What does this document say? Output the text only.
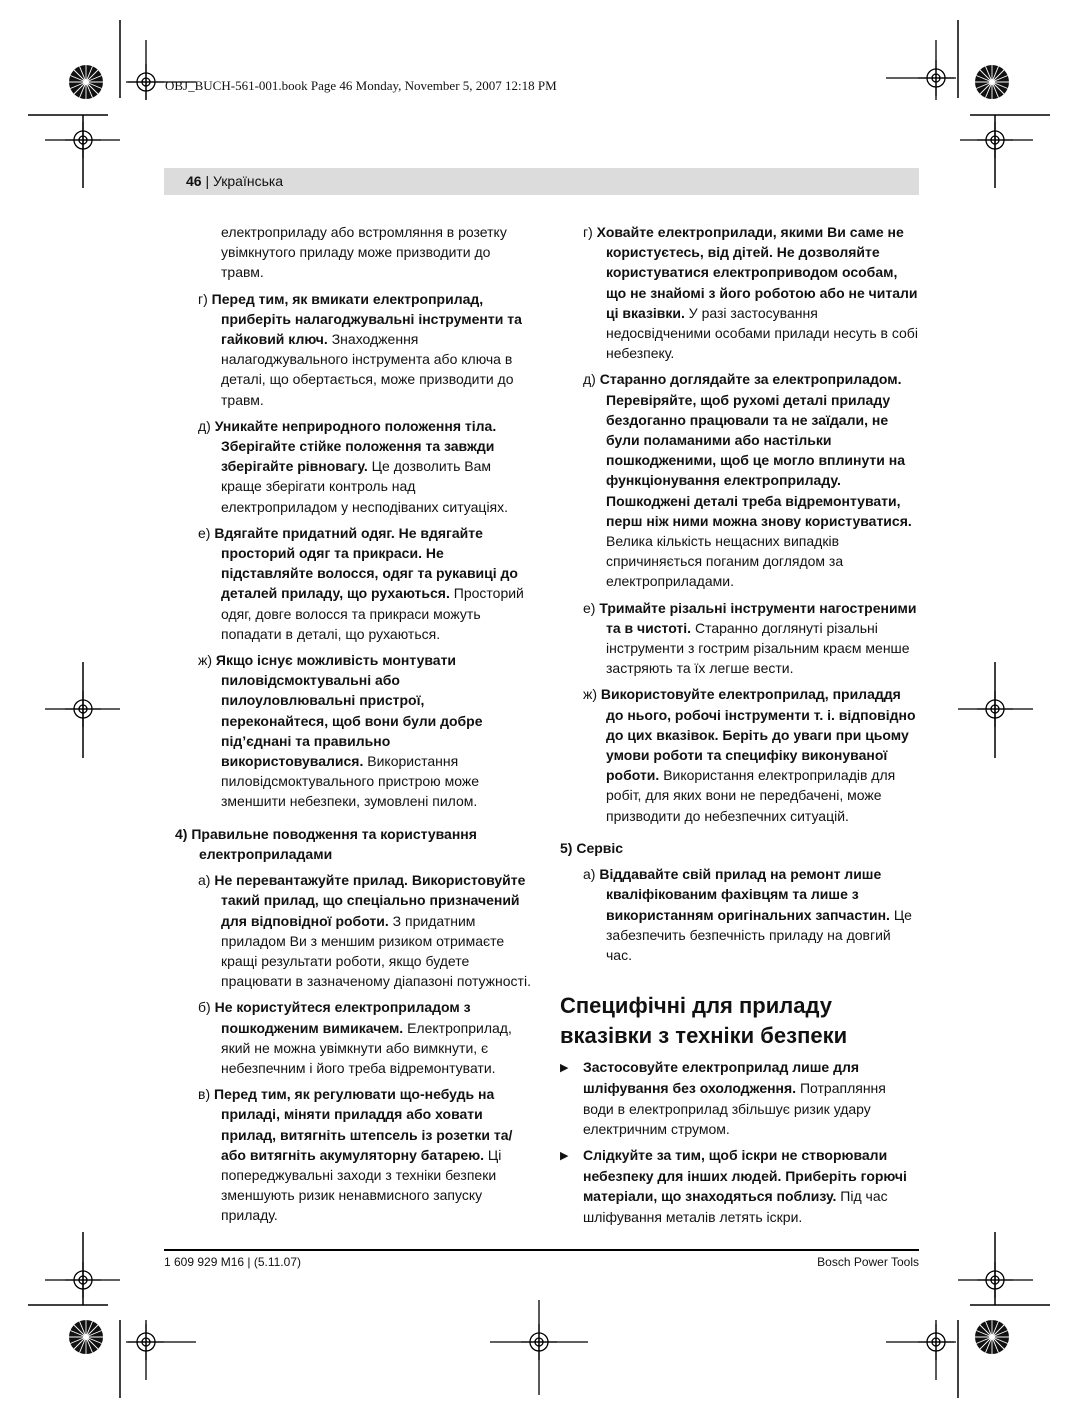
OBJ_BUCH-561-001.book Page 46 Monday, November 5, 2007 12:18 PM
46 | Українська
електроприладу або встромляння в розетку увімкнутого приладу може призводити до травм.
г) Перед тим, як вмикати електроприлад, приберіть налагоджувальні інструменти та гайковий ключ. Знаходження налагоджувального інструмента або ключа в деталі, що обертається, може призводити до травм.
д) Уникайте неприродного положення тіла. Зберігайте стійке положення та завжди зберігайте рівновагу. Це дозволить Вам краще зберігати контроль над електроприладом у несподіваних ситуаціях.
е) Вдягайте придатний одяг. Не вдягайте просторий одяг та прикраси. Не підставляйте волосся, одяг та рукавиці до деталей приладу, що рухаються. Просторий одяг, довге волосся та прикраси можуть попадати в деталі, що рухаються.
ж) Якщо існує можливість монтувати пиловідсмоктувальні або пилоуловлювальні пристрої, переконайтеся, щоб вони були добре під’єднані та правильно використовувалися. Використання пиловідсмоктувального пристрою може зменшити небезпеки, зумовлені пилом.
4) Правильне поводження та користування електроприладами
а) Не перевантажуйте прилад. Використовуйте такий прилад, що спеціально призначений для відповідної роботи. З придатним приладом Ви з меншим ризиком отримаєте кращі результати роботи, якщо будете працювати в зазначеному діапазоні потужності.
б) Не користуйтеся електроприладом з пошкодженим вимикачем. Електроприлад, який не можна увімкнути або вимкнути, є небезпечним і його треба відремонтувати.
в) Перед тим, як регулювати що-небудь на приладі, міняти приладдя або ховати прилад, витягніть штепсель із розетки та/або витягніть акумуляторну батарею. Ці попереджувальні заходи з техніки безпеки зменшують ризик ненавмисного запуску приладу.
г) Ховайте електроприлади, якими Ви саме не користуєтесь, від дітей. Не дозволяйте користуватися електроприводом особам, що не знайомі з його роботою або не читали ці вказівки. У разі застосування недосвідченими особами прилади несуть в собі небезпеку.
д) Старанно доглядайте за електроприладом. Перевіряйте, щоб рухомі деталі приладу бездоганно працювали та не заїдали, не були поламаними або настільки пошкодженими, щоб це могло вплинути на функціонування електроприладу. Пошкоджені деталі треба відремонтувати, перш ніж ними можна знову користуватися. Велика кількість нещасних випадків спричиняється поганим доглядом за електроприладами.
е) Тримайте різальні інструменти нагостреними та в чистоті. Старанно доглянуті різальні інструменти з гострим різальним краєм менше застряють та їх легше вести.
ж) Використовуйте електроприлад, приладдя до нього, робочі інструменти т. і. відповідно до цих вказівок. Беріть до уваги при цьому умови роботи та специфіку виконуваної роботи. Використання електроприладів для робіт, для яких вони не передбачені, може призводити до небезпечних ситуацій.
5) Сервіс
а) Віддавайте свій прилад на ремонт лише кваліфікованим фахівцям та лише з використанням оригінальних запчастин. Це забезпечить безпечність приладу на довгий час.
Специфічні для приладу
вказівки з техніки безпеки
▶ Застосовуйте електроприлад лише для шліфування без охолодження. Потрапляння води в електроприлад збільшує ризик удару електричним струмом.
▶ Слідкуйте за тим, щоб іскри не створювали небезпеку для інших людей. Приберіть горючі матеріали, що знаходяться поблизу. Під час шліфування металів летять іскри.
1 609 929 M16 | (5.11.07)	Bosch Power Tools
